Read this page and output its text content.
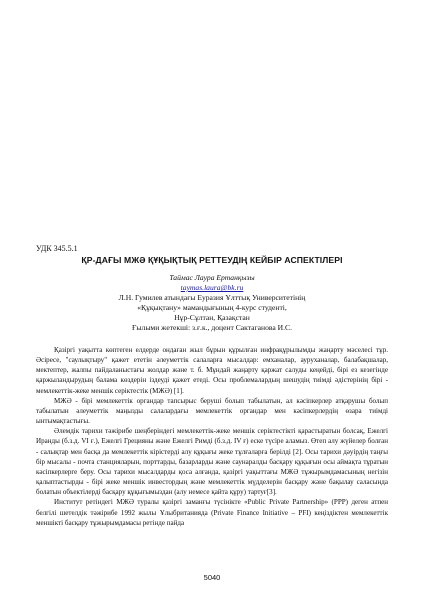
УДК 345.5.1
ҚР-ДАҒЫ МЖӘ ҚҰҚЫҚТЫҚ РЕТТЕУДІҢ КЕЙБІР АСПЕКТІЛЕРІ
Таймас Лаура Ертанқызы
taymas.laura@bk.ru
Л.Н. Гумилев атындағы Еуразия Ұлттық Университетінің
«Құқықтану» мамандығының 4-курс студенті,
Нұр-Сұлтан, Қазақстан
Ғылыми жетекші: з.ғ.к., доцент Сактаганова И.С.

Қазіргі уақытта көптеген елдерде ондаған жыл бұрын құрылған инфрақұрылымды жаңарту мәселесі тұр. Әсіресе, "саулықтыру" қажет ететін әлеуметтік салаларға мысалдар: емханалар, ауруханалар, балабақшалар, мектептер, жалпы пайдаланыстағы жолдар және т. б. Мұндай жаңарту қаржат салуды кеңейді, бірі ез кезегінде қаржыландырудың балама көздерін іздеуді қажет етеді. Осы проблемалардың шешудің тиімді әдістерінің бірі - мемлекеттік-жеке меншік серіктестік (МЖӘ) [1].

МЖӘ - бірі мемлекеттік органдар тапсырыс беруші болып табылатын, ал кәсіпкерлер атқарушы болып табылатын әлеуметтік маңызды салалардағы мемлекеттік органдар мен кәсіпкерлердің өзара тиімді ынтымақтастығы.

Әлемдік тарихи тәжірибе шеңберіндегі мемлекеттік-жеке меншік серіктестікті қарастыратын болсақ, Ежелгі Иранды (б.з.д. VI ғ.), Ежелгі Грецияны және Ежелгі Римді (б.з.д. IV ғ) еске түсіре аламыз. Өтеп алу жүйелер болған - салықтар мен басқа да мемлекеттік кірістерді алу құқығы жеке тұлғаларға берілді [2]. Осы тарихи дәуірдің таңғы бір мысалы - почта станцияларын, порттарды, базарларды және саунаралды басқару құқығын осы аймақта тұратын кәсіпкерлерге беру. Осы тарихи мысалдарды қоса алғанда, қазіргі уақыттағы МЖӘ тұжырымдамасының негізін қалыптастырды - бірі жеке меншік инвестордың және мемлекеттік мүдделерін басқару және бақылау саласында болатын объектілерді басқару құқығымыздан (алу немесе қайта құру) тартуғ[3].

Институт ретіндегі МЖӘ туралы қазіргі заманғы түсінікте «Public Private Partnership» (PPP) деген атпен белгілі шетелдік тәжірибе 1992 жылы Ұлыбританияда (Private Finance Initiative – PFI) кеңіздіктен мемлекеттік меншікті басқару тұжырымдамасы ретінде пайда

5040
